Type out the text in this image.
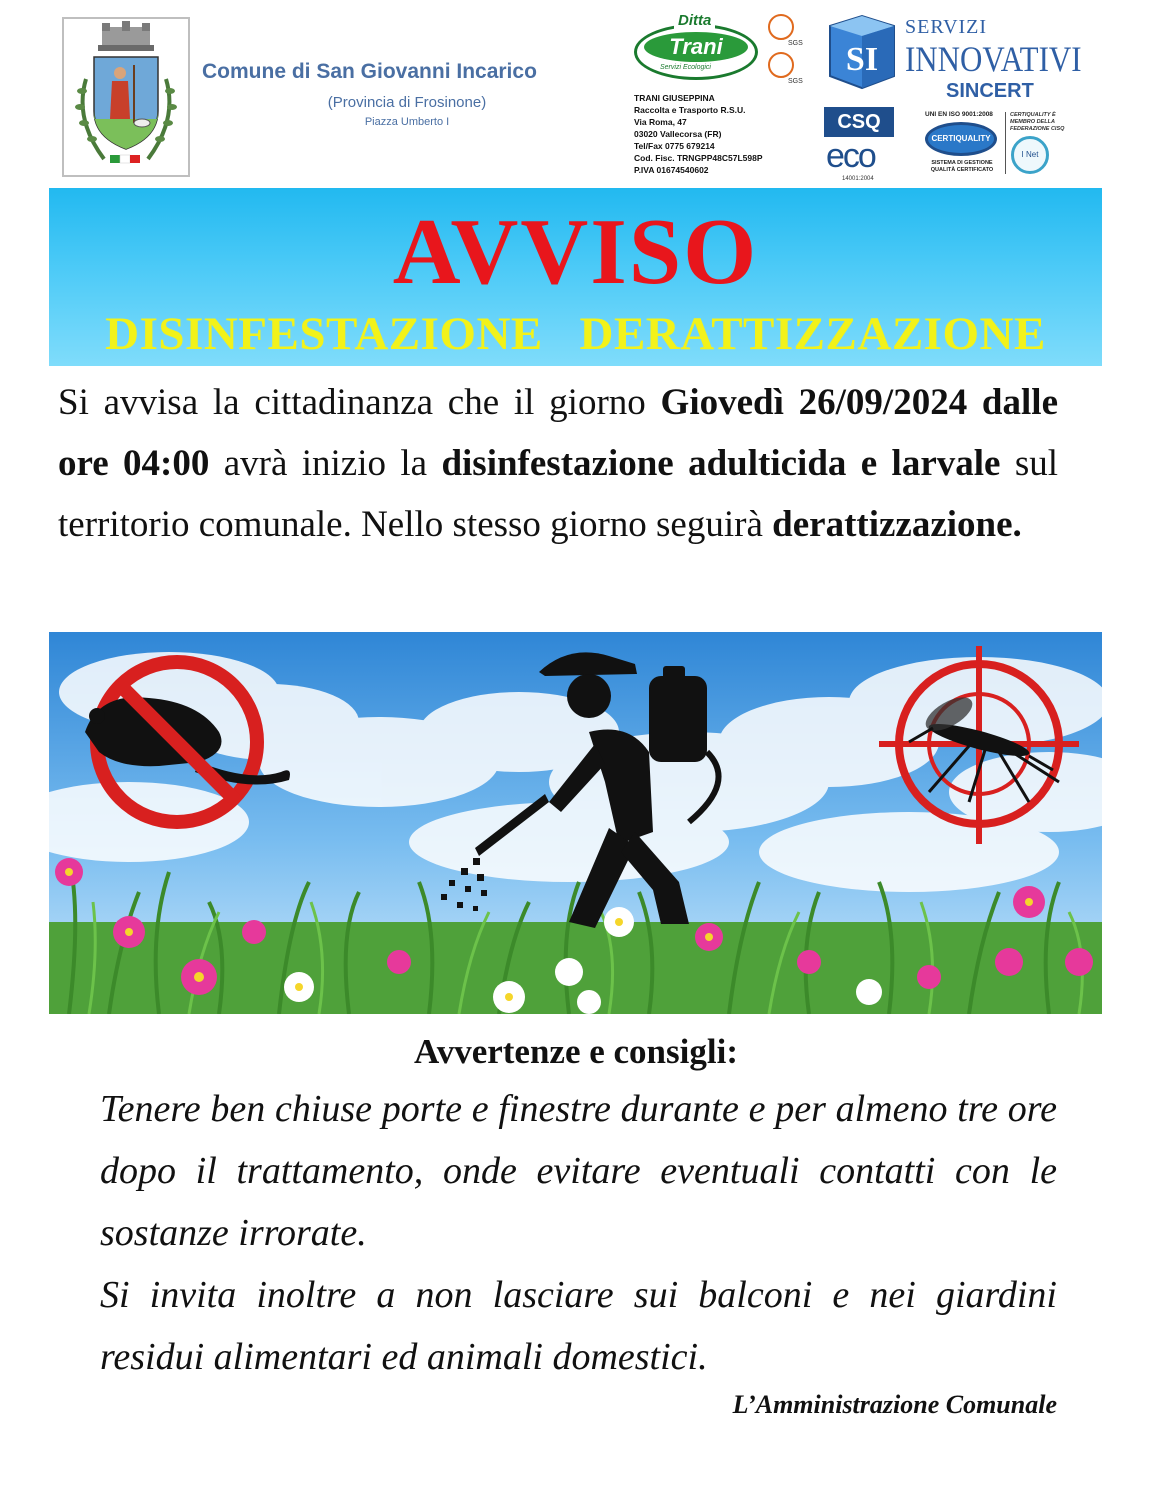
Comune di San Giovanni Incarico
(Provincia di Frosinone)
Piazza Umberto I
Ditta
Trani
Servizi Ecologici
SGS
SGS
TRANI GIUSEPPINA
Raccolta e Trasporto R.S.U.
Via Roma, 47
03020 Vallecorsa (FR)
Tel/Fax 0775 679214
Cod. Fisc. TRNGPP48C57L598P
P.IVA 01674540602
SI
SERVIZI
INNOVATIVI
SINCERT
CSQ
eco
14001:2004
UNI EN ISO 9001:2008
CERTIQUALITY
SISTEMA DI GESTIONE QUALITÀ CERTIFICATO
CERTIQUALITY È MEMBRO DELLA FEDERAZIONE CISQ
I Net
AVVISO
DISINFESTAZIONE   DERATTIZZAZIONE
Si avvisa la cittadinanza che il giorno Giovedì 26/09/2024 dalle ore 04:00 avrà inizio la disinfestazione adulticida e larvale sul territorio comunale. Nello stesso giorno seguirà derattizzazione.
Avvertenze e consigli:

Tenere ben chiuse porte e finestre durante e per almeno tre ore dopo il trattamento, onde evitare eventuali contatti con le sostanze irrorate.

Si invita inoltre a non lasciare sui balconi e nei giardini residui alimentari ed animali domestici.

L’Amministrazione Comunale
